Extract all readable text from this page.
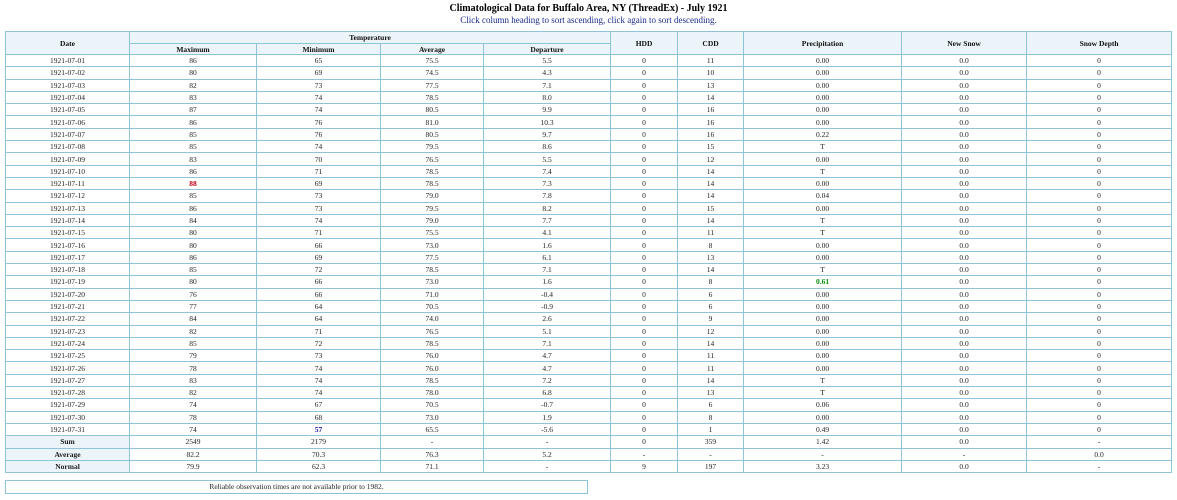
Climatological Data for Buffalo Area, NY (ThreadEx) - July 1921
Click column heading to sort ascending, click again to sort descending.
Date	Temperature				HDD	CDD	Precipitation	New Snow	Snow Depth
	Maximum	Minimum	Average	Departure					
1921-07-01	86	65	75.5	5.5	0	11	0.00	0.0	0
1921-07-02	80	69	74.5	4.3	0	10	0.00	0.0	0
1921-07-03	82	73	77.5	7.1	0	13	0.00	0.0	0
1921-07-04	83	74	78.5	8.0	0	14	0.00	0.0	0
1921-07-05	87	74	80.5	9.9	0	16	0.00	0.0	0
1921-07-06	86	76	81.0	10.3	0	16	0.00	0.0	0
1921-07-07	85	76	80.5	9.7	0	16	0.22	0.0	0
1921-07-08	85	74	79.5	8.6	0	15	T	0.0	0
1921-07-09	83	70	76.5	5.5	0	12	0.00	0.0	0
1921-07-10	86	71	78.5	7.4	0	14	T	0.0	0
1921-07-11	88	69	78.5	7.3	0	14	0.00	0.0	0
1921-07-12	85	73	79.0	7.8	0	14	0.04	0.0	0
1921-07-13	86	73	79.5	8.2	0	15	0.00	0.0	0
1921-07-14	84	74	79.0	7.7	0	14	T	0.0	0
1921-07-15	80	71	75.5	4.1	0	11	T	0.0	0
1921-07-16	80	66	73.0	1.6	0	8	0.00	0.0	0
1921-07-17	86	69	77.5	6.1	0	13	0.00	0.0	0
1921-07-18	85	72	78.5	7.1	0	14	T	0.0	0
1921-07-19	80	66	73.0	1.6	0	8	0.61	0.0	0
1921-07-20	76	66	71.0	-0.4	0	6	0.00	0.0	0
1921-07-21	77	64	70.5	-0.9	0	6	0.00	0.0	0
1921-07-22	84	64	74.0	2.6	0	9	0.00	0.0	0
1921-07-23	82	71	76.5	5.1	0	12	0.00	0.0	0
1921-07-24	85	72	78.5	7.1	0	14	0.00	0.0	0
1921-07-25	79	73	76.0	4.7	0	11	0.00	0.0	0
1921-07-26	78	74	76.0	4.7	0	11	0.00	0.0	0
1921-07-27	83	74	78.5	7.2	0	14	T	0.0	0
1921-07-28	82	74	78.0	6.8	0	13	T	0.0	0
1921-07-29	74	67	70.5	-0.7	0	6	0.06	0.0	0
1921-07-30	78	68	73.0	1.9	0	8	0.00	0.0	0
1921-07-31	74	57	65.5	-5.6	0	1	0.49	0.0	0
Sum	2549	2179	-	-	0	359	1.42	0.0	-
Average	82.2	70.3	76.3	5.2	-	-	-	-	0.0
Normal	79.9	62.3	71.1	-	9	197	3.23	0.0	-
Reliable observation times are not available prior to 1982.
